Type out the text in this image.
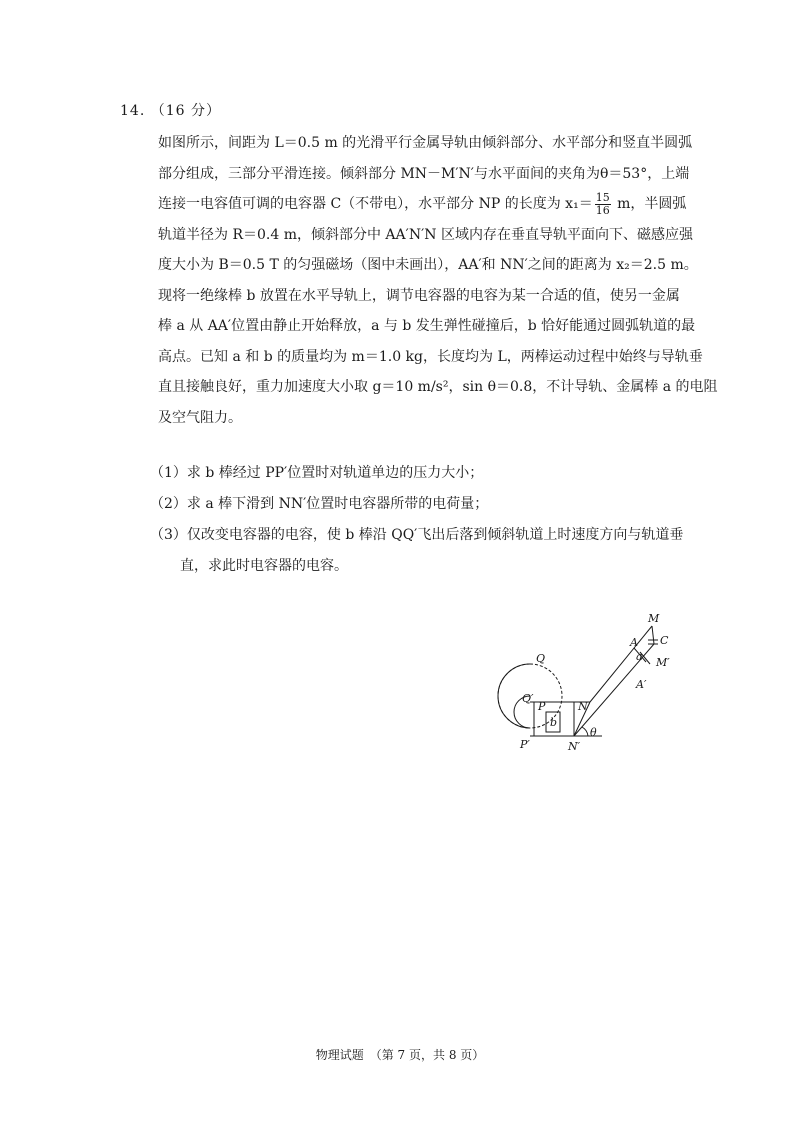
14. （16 分）
如图所示，间距为 L＝0.5 m 的光滑平行金属导轨由倾斜部分、水平部分和竖直半圆弧
部分组成，三部分平滑连接。倾斜部分 MN－M′N′与水平面间的夹角为θ＝53°，上端
连接一电容值可调的电容器 C（不带电），水平部分 NP 的长度为 $x_1= \frac{15}{16}$ m，半圆弧
轨道半径为 R＝0.4 m，倾斜部分中 AA′N′N 区域内存在垂直导轨平面向下、磁感应强
度大小为 B＝0.5 T 的匀强磁场（图中未画出），AA′和 NN′之间的距离为 x₂＝2.5 m。
现将一绝缘棒 b 放置在水平导轨上，调节电容器的电容为某一合适的值，使另一金属
棒 a 从 AA′位置由静止开始释放，a 与 b 发生弹性碰撞后，b 恰好能通过圆弧轨道的最
高点。已知 a 和 b 的质量均为 m＝1.0 kg，长度均为 L，两棒运动过程中始终与导轨垂
直且接触良好，重力加速度大小取 g＝10 m/s²，sin θ＝0.8，不计导轨、金属棒 a 的电阻
及空气阻力。
（1）求 b 棒经过 PP′位置时对轨道单边的压力大小；
（2）求 a 棒下滑到 NN′位置时电容器所带的电荷量；
（3）仅改变电容器的电容，使 b 棒沿 QQ′飞出后落到倾斜轨道上时速度方向与轨道垂
直，求此时电容器的电容。
M
A C
a M′
A′
Q
Q′
P	N
b
θ
P′	N′
物理试题　（第 7 页，共 8 页）
